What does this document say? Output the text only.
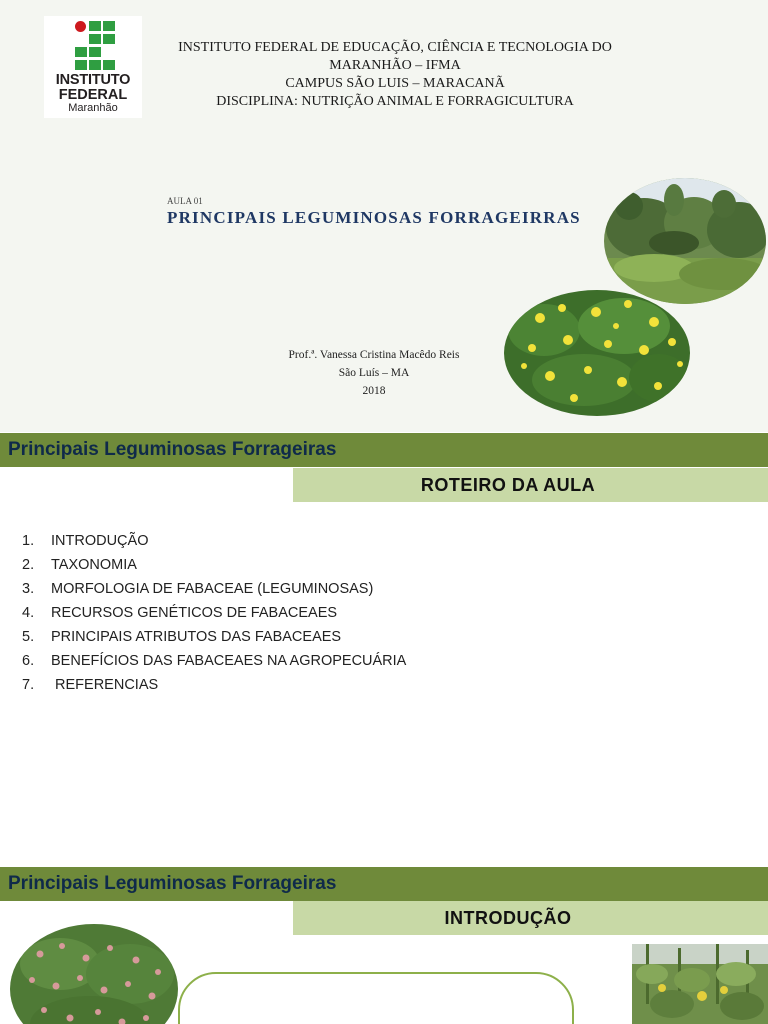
INSTITUTO
FEDERAL
Maranhão
INSTITUTO FEDERAL DE EDUCAÇÃO, CIÊNCIA E TECNOLOGIA DO
MARANHÃO – IFMA
CAMPUS SÃO LUIS – MARACANÃ
DISCIPLINA: NUTRIÇÃO ANIMAL E FORRAGICULTURA
AULA 01
PRINCIPAIS LEGUMINOSAS FORRAGEIRRAS
Prof.ª. Vanessa Cristina Macêdo Reis
São Luís – MA
2018
Principais Leguminosas Forrageiras
ROTEIRO DA AULA
1. INTRODUÇÃO
2. TAXONOMIA
3. MORFOLOGIA DE FABACEAE (LEGUMINOSAS)
4. RECURSOS GENÉTICOS DE FABACEAES
5. PRINCIPAIS ATRIBUTOS DAS FABACEAES
6. BENEFÍCIOS DAS FABACEAES NA AGROPECUÁRIA
7. REFERENCIAS
Principais Leguminosas Forrageiras
INTRODUÇÃO
